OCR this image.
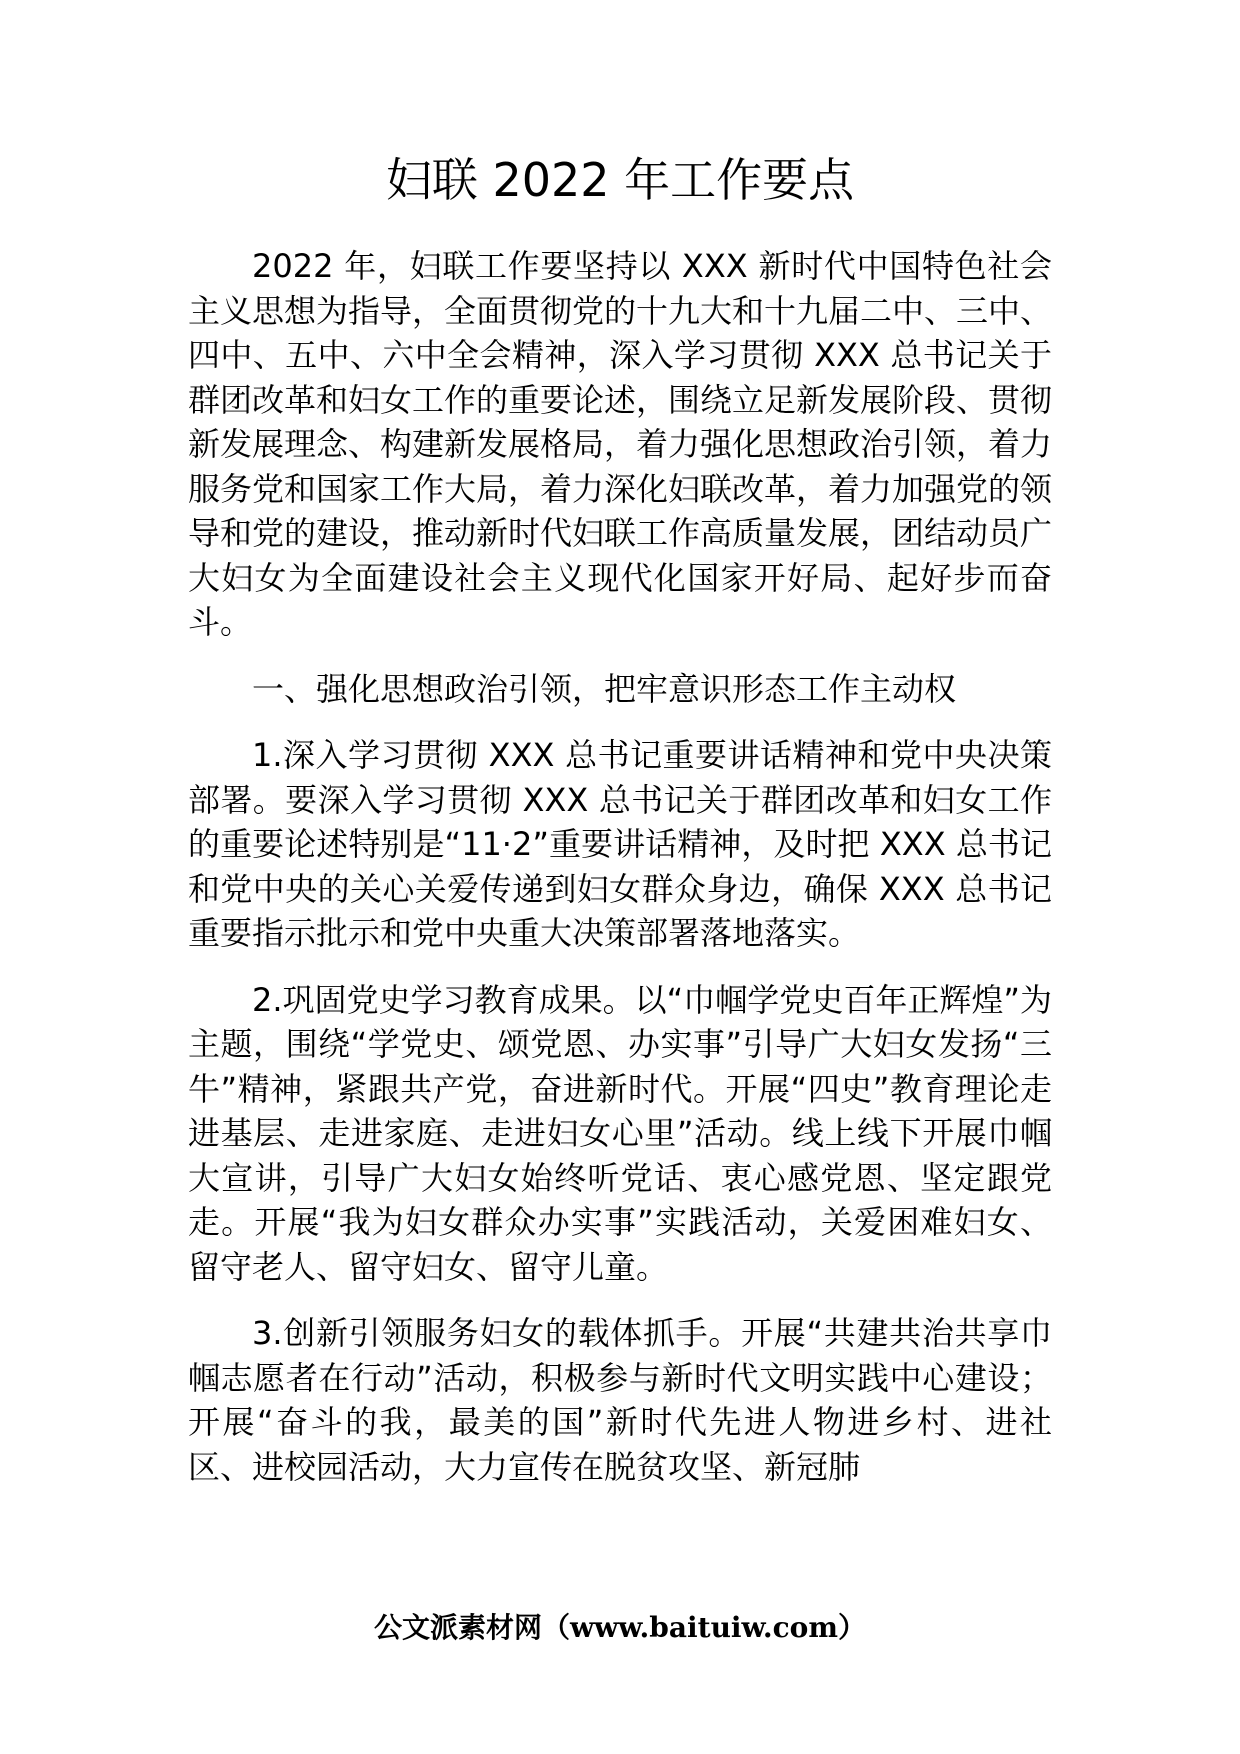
妇联 2022 年工作要点

2022 年，妇联工作要坚持以 XXX 新时代中国特色社会主义思想为指导，全面贯彻党的十九大和十九届二中、三中、四中、五中、六中全会精神，深入学习贯彻 XXX 总书记关于群团改革和妇女工作的重要论述，围绕立足新发展阶段、贯彻新发展理念、构建新发展格局，着力强化思想政治引领，着力服务党和国家工作大局，着力深化妇联改革，着力加强党的领导和党的建设，推动新时代妇联工作高质量发展，团结动员广大妇女为全面建设社会主义现代化国家开好局、起好步而奋斗。

一、强化思想政治引领，把牢意识形态工作主动权

1.深入学习贯彻 XXX 总书记重要讲话精神和党中央决策部署。要深入学习贯彻 XXX 总书记关于群团改革和妇女工作的重要论述特别是“11·2”重要讲话精神，及时把 XXX 总书记和党中央的关心关爱传递到妇女群众身边，确保 XXX 总书记重要指示批示和党中央重大决策部署落地落实。

2.巩固党史学习教育成果。以“巾帼学党史百年正辉煌”为主题，围绕“学党史、颂党恩、办实事”引导广大妇女发扬“三牛”精神，紧跟共产党，奋进新时代。开展“四史”教育理论走进基层、走进家庭、走进妇女心里”活动。线上线下开展巾帼大宣讲，引导广大妇女始终听党话、衷心感党恩、坚定跟党走。开展“我为妇女群众办实事”实践活动，关爱困难妇女、留守老人、留守妇女、留守儿童。

3.创新引领服务妇女的载体抓手。开展“共建共治共享巾帼志愿者在行动”活动，积极参与新时代文明实践中心建设；开展“奋斗的我，最美的国”新时代先进人物进乡村、进社区、进校园活动，大力宣传在脱贫攻坚、新冠肺

公文派素材网（www.baituiw.com）
